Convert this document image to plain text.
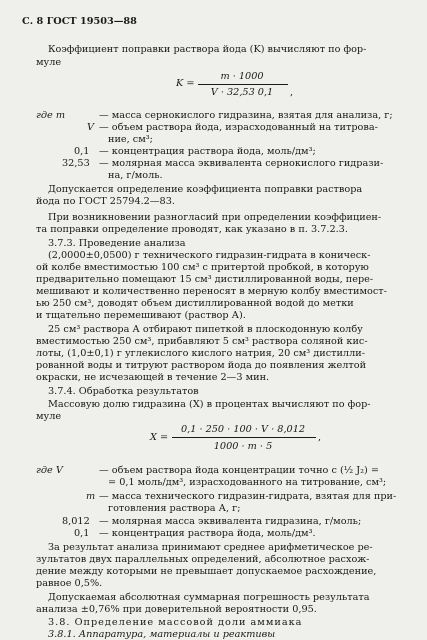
С. 8 ГОСТ 19503—88
Коэффициент поправки раствора йода (K) вычисляют по фор-
муле
K =
m · 1000
V · 32,53 0,1	,
где m	— масса сернокислого гидразина, взятая для анализа, г;
V — объем раствора йода, израсходованный на титрова-
ние, см³;
0,1 — концентрация раствора йода, моль/дм³;
32,53 — молярная масса эквивалента сернокислого гидрази-
на, г/моль.
Допускается определение коэффициента поправки раствора
йода по ГОСТ 25794.2—83.
При возникновении разногласий при определении коэффициен-
та поправки определение проводят, как указано в п. 3.7.2.3.
3.7.3. Проведение анализа
(2,0000±0,0500) г технического гидразин-гидрата в коническ-
ой колбе вместимостью 100 см³ с притертой пробкой, в которую
предварительно помещают 15 см³ дистиллированной воды, пере-
мешивают и количественно переносят в мерную колбу вместимост-
ью 250 см³, доводят объем дистиллированной водой до метки
и тщательно перемешивают (раствор А).
25 см³ раствора А отбирают пипеткой в плоскодонную колбу
вместимостью 250 см³, прибавляют 5 см³ раствора соляной кис-
лоты, (1,0±0,1) г углекислого кислого натрия, 20 см³ дистилли-
рованной воды и титруют раствором йода до появления желтой
окраски, не исчезающей в течение 2—3 мин.
3.7.4. Обработка результатов
Массовую долю гидразина (X) в процентах вычисляют по фор-
муле
X =
0,1 · 250 · 100 · V · 8,012
1000 · m · 5
,
где V	— объем раствора йода концентрации точно с (½ J₂) =
= 0,1 моль/дм³, израсходованного на титрование, см³;
m — масса технического гидразин-гидрата, взятая для при-
готовления раствора А, г;
8,012 — молярная масса эквивалента гидразина, г/моль;
0,1 — концентрация раствора йода, моль/дм³.
За результат анализа принимают среднее арифметическое ре-
зультатов двух параллельных определений, абсолютное расхож-
дение между которыми не превышает допускаемое расхождение,
равное 0,5%.
Допускаемая абсолютная суммарная погрешность результата
анализа ±0,76% при доверительной вероятности 0,95.
3.8. Определение массовой доли аммиака
3.8.1. Аппаратура, материалы и реактивы
